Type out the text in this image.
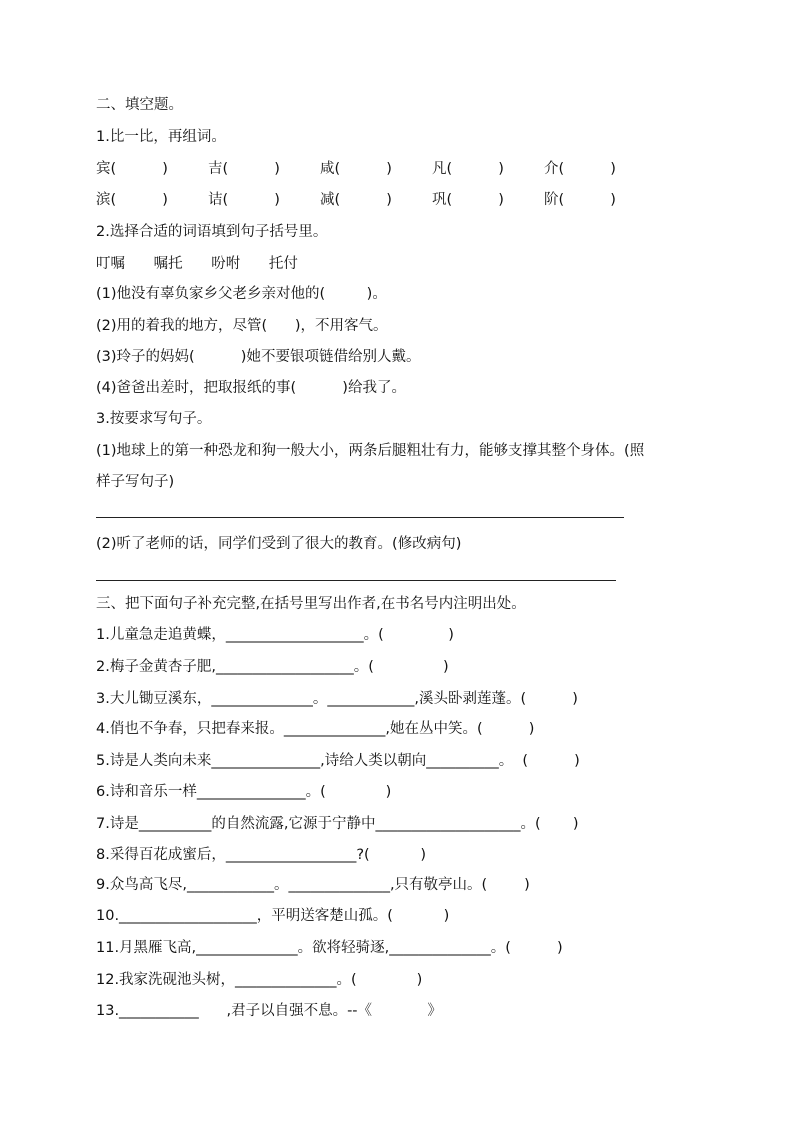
二、填空题。
1.比一比，再组词。
宾(          )	吉(          )	咸(          )	凡(          )	介(          )
滨(          )	诘(          )	减(          )	巩(          )	阶(          )
2.选择合适的词语填到句子括号里。
叮嘱 嘱托 吩咐 托付
(1)他没有辜负家乡父老乡亲对他的(         )。
(2)用的着我的地方，尽管(      )，不用客气。
(3)玲子的妈妈(          )她不要银项链借给别人戴。
(4)爸爸出差时，把取报纸的事(          )给我了。
3.按要求写句子。
(1)地球上的第一种恐龙和狗一般大小，两条后腿粗壮有力，能够支撑其整个身体。(照
样子写句子)
(2)听了老师的话，同学们受到了很大的教育。(修改病句)
三、把下面句子补充完整,在括号里写出作者,在书名号内注明出处。
1.儿童急走追黄蝶，___________________。(              )
2.梅子金黄杏子肥,___________________。(               )
3.大儿锄豆溪东，______________。____________,溪头卧剥莲蓬。(          )
4.俏也不争春，只把春来报。______________,她在丛中笑。(          )
5.诗是人类向未来_______________,诗给人类以朝向__________。  (          )
6.诗和音乐一样_______________。(             )
7.诗是__________的自然流露,它源于宁静中____________________。(       )
8.采得百花成蜜后，__________________?(           )
9.众鸟高飞尽,____________。______________,只有敬亭山。(        )
10.___________________，平明送客楚山孤。(           )
11.月黑雁飞高,______________。欲将轻骑逐,______________。(          )
12.我家洗砚池头树，______________。(             )
13.___________      ,君子以自强不息。--《            》
